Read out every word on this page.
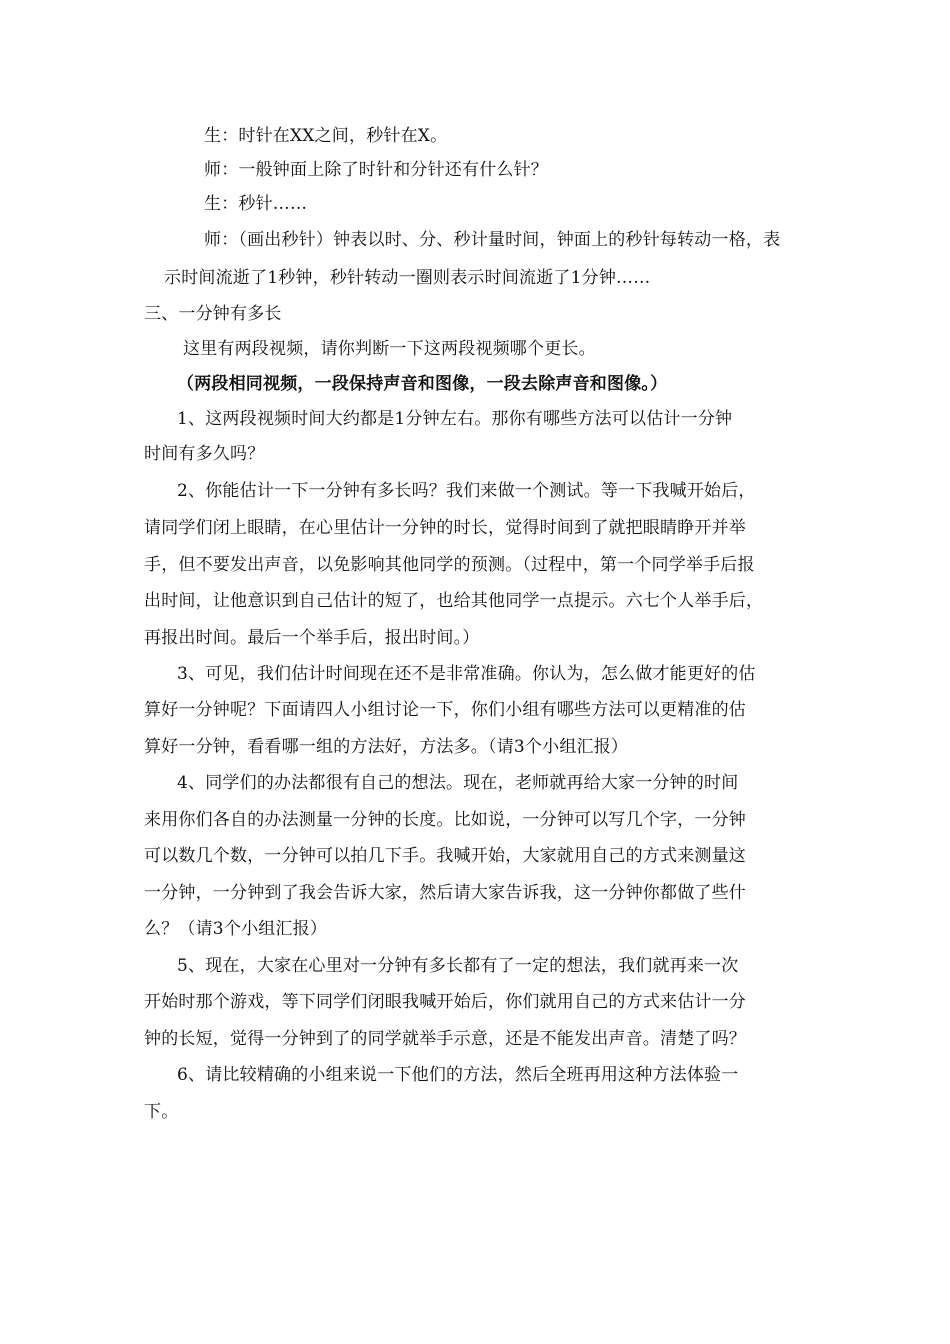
生：时针在XX之间，秒针在X。
师：一般钟面上除了时针和分针还有什么针？
生：秒针……
师：（画出秒针）钟表以时、分、秒计量时间，钟面上的秒针每转动一格，表
示时间流逝了1秒钟，秒针转动一圈则表示时间流逝了1分钟……
三、一分钟有多长
这里有两段视频，请你判断一下这两段视频哪个更长。
（两段相同视频，一段保持声音和图像，一段去除声音和图像。）
1、这两段视频时间大约都是1分钟左右。那你有哪些方法可以估计一分钟
时间有多久吗？
2、你能估计一下一分钟有多长吗？我们来做一个测试。等一下我喊开始后，
请同学们闭上眼睛，在心里估计一分钟的时长，觉得时间到了就把眼睛睁开并举
手，但不要发出声音，以免影响其他同学的预测。（过程中，第一个同学举手后报
出时间，让他意识到自己估计的短了，也给其他同学一点提示。六七个人举手后，
再报出时间。最后一个举手后，报出时间。）
3、可见，我们估计时间现在还不是非常准确。你认为，怎么做才能更好的估
算好一分钟呢？下面请四人小组讨论一下，你们小组有哪些方法可以更精准的估
算好一分钟，看看哪一组的方法好，方法多。（请3个小组汇报）
4、同学们的办法都很有自己的想法。现在，老师就再给大家一分钟的时间
来用你们各自的办法测量一分钟的长度。比如说，一分钟可以写几个字，一分钟
可以数几个数，一分钟可以拍几下手。我喊开始，大家就用自己的方式来测量这
一分钟，一分钟到了我会告诉大家，然后请大家告诉我，这一分钟你都做了些什
么？（请3个小组汇报）
5、现在，大家在心里对一分钟有多长都有了一定的想法，我们就再来一次
开始时那个游戏，等下同学们闭眼我喊开始后，你们就用自己的方式来估计一分
钟的长短，觉得一分钟到了的同学就举手示意，还是不能发出声音。清楚了吗？
6、请比较精确的小组来说一下他们的方法，然后全班再用这种方法体验一
下。
